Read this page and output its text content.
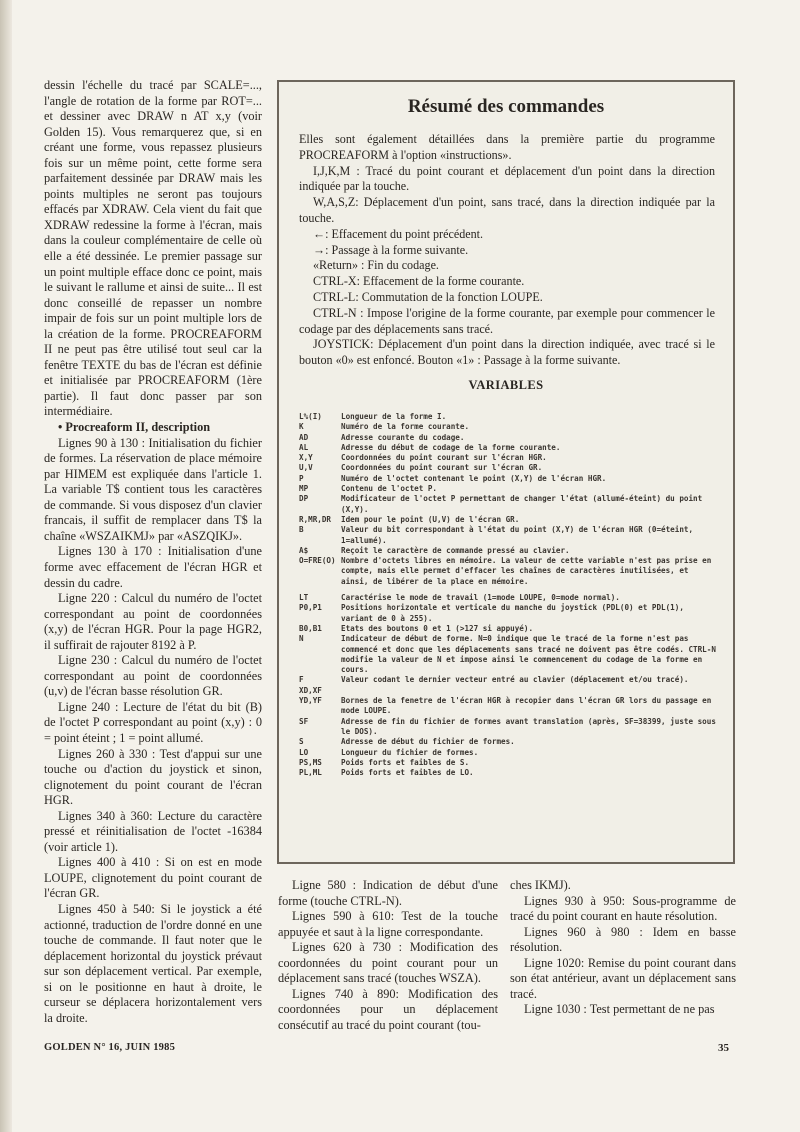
dessin l'échelle du tracé par SCALE=..., l'angle de rotation de la forme par ROT=... et dessiner avec DRAW n AT x,y (voir Golden 15). Vous remarquerez que, si en créant une forme, vous repassez plusieurs fois sur un même point, cette forme sera parfaitement dessinée par DRAW mais les points multiples ne seront pas toujours effacés par XDRAW. Cela vient du fait que XDRAW redessine la forme à l'écran, mais dans la couleur complémentaire de celle où elle a été dessinée. Le premier passage sur un point multiple efface donc ce point, mais le suivant le rallume et ainsi de suite... Il est donc conseillé de repasser un nombre impair de fois sur un point multiple lors de la création de la forme. PROCREAFORM II ne peut pas être utilisé tout seul car la fenêtre TEXTE du bas de l'écran est définie et initialisée par PROCREAFORM (1ère partie). Il faut donc passer par son intermédiaire.

• Procreaform II, description

Lignes 90 à 130 : Initialisation du fichier de formes. La réservation de place mémoire par HIMEM est expliquée dans l'article 1. La variable T$ contient tous les caractères de commande. Si vous disposez d'un clavier francais, il suffit de remplacer dans T$ la chaîne «WSZAIKMJ» par «ASZQIKJ».

Lignes 130 à 170 : Initialisation d'une forme avec effacement de l'écran HGR et dessin du cadre.

Ligne 220 : Calcul du numéro de l'octet correspondant au point de coordonnées (x,y) de l'écran HGR. Pour la page HGR2, il suffirait de rajouter 8192 à P.

Ligne 230 : Calcul du numéro de l'octet correspondant au point de coordonnées (u,v) de l'écran basse résolution GR.

Ligne 240 : Lecture de l'état du bit (B) de l'octet P correspondant au point (x,y) : 0 = point éteint ; 1 = point allumé.

Lignes 260 à 330 : Test d'appui sur une touche ou d'action du joystick et sinon, clignotement du point courant de l'écran HGR.

Lignes 340 à 360: Lecture du caractère pressé et réinitialisation de l'octet -16384 (voir article 1).

Lignes 400 à 410 : Si on est en mode LOUPE, clignotement du point courant de l'écran GR.

Lignes 450 à 540: Si le joystick a été actionné, traduction de l'ordre donné en une touche de commande. Il faut noter que le déplacement horizontal du joystick prévaut sur son déplacement vertical. Par exemple, si on le positionne en haut à droite, le curseur se déplacera horizontalement vers la droite.

Résumé des commandes

Elles sont également détaillées dans la première partie du programme PROCREAFORM à l'option «instructions».

I,J,K,M : Tracé du point courant et déplacement d'un point dans la direction indiquée par la touche.

W,A,S,Z: Déplacement d'un point, sans tracé, dans la direction indiquée par la touche.

←: Effacement du point précédent.

→: Passage à la forme suivante.

«Return» : Fin du codage.

CTRL-X: Effacement de la forme courante.

CTRL-L: Commutation de la fonction LOUPE.

CTRL-N : Impose l'origine de la forme courante, par exemple pour commencer le codage par des déplacements sans tracé.

JOYSTICK: Déplacement d'un point dans la direction indiquée, avec tracé si le bouton «0» est enfoncé. Bouton «1» : Passage à la forme suivante.

VARIABLES
L%(I)	Longueur de la forme I.
K	Numéro de la forme courante.
AD	Adresse courante du codage.
AL	Adresse du début de codage de la forme courante.
X,Y	Coordonnées du point courant sur l'écran HGR.
U,V	Coordonnées du point courant sur l'écran GR.
P	Numéro de l'octet contenant le point (X,Y) de l'écran HGR.
MP	Contenu de l'octet P.
DP	Modificateur de l'octet P permettant de changer l'état (allumé-éteint) du point (X,Y).
R,MR,DR	Idem pour le point (U,V) de l'écran GR.
B	Valeur du bit correspondant à l'état du point (X,Y) de l'écran HGR (0=éteint, 1=allumé).
A$	Reçoit le caractère de commande pressé au clavier.
O=FRE(O) Nombre d'octets libres en mémoire. La valeur de cette variable n'est pas prise en compte, mais elle permet d'effacer les chaînes de caractères inutilisées, et ainsi, de libérer de la place en mémoire.
LT	Caractérise le mode de travail (1=mode LOUPE, 0=mode normal).
P0,P1	Positions horizontale et verticale du manche du joystick (PDL(0) et PDL(1), variant de 0 à 255).
B0,B1	Etats des boutons 0 et 1 (>127 si appuyé).
N	Indicateur de début de forme. N=0 indique que le tracé de la forme n'est pas commencé et donc que les déplacements sans tracé ne doivent pas être codés. CTRL-N modifie la valeur de N et impose ainsi le commencement du codage de la forme en cours.
F	Valeur codant le dernier vecteur entré au clavier (déplacement et/ou tracé).
XD,XF
YD,YF	Bornes de la fenetre de l'écran HGR à recopier dans l'écran GR lors du passage en mode LOUPE.
SF	Adresse de fin du fichier de formes avant translation (après, SF=38399, juste sous le DOS).
S	Adresse de début du fichier de formes.
LO	Longueur du fichier de formes.
PS,MS	Poids forts et faibles de S.
PL,ML	Poids forts et faibles de LO.

Ligne 580 : Indication de début d'une forme (touche CTRL-N).

Lignes 590 à 610: Test de la touche appuyée et saut à la ligne correspondante.

Lignes 620 à 730 : Modification des coordonnées du point courant pour un déplacement sans tracé (touches WSZA).

Lignes 740 à 890: Modification des coordonnées pour un déplacement consécutif au tracé du point courant (tou-

ches IKMJ).

Lignes 930 à 950: Sous-programme de tracé du point courant en haute résolution.

Lignes 960 à 980 : Idem en basse résolution.

Ligne 1020: Remise du point courant dans son état antérieur, avant un déplacement sans tracé.

Ligne 1030 : Test permettant de ne pas

GOLDEN N° 16, JUIN 1985	35
